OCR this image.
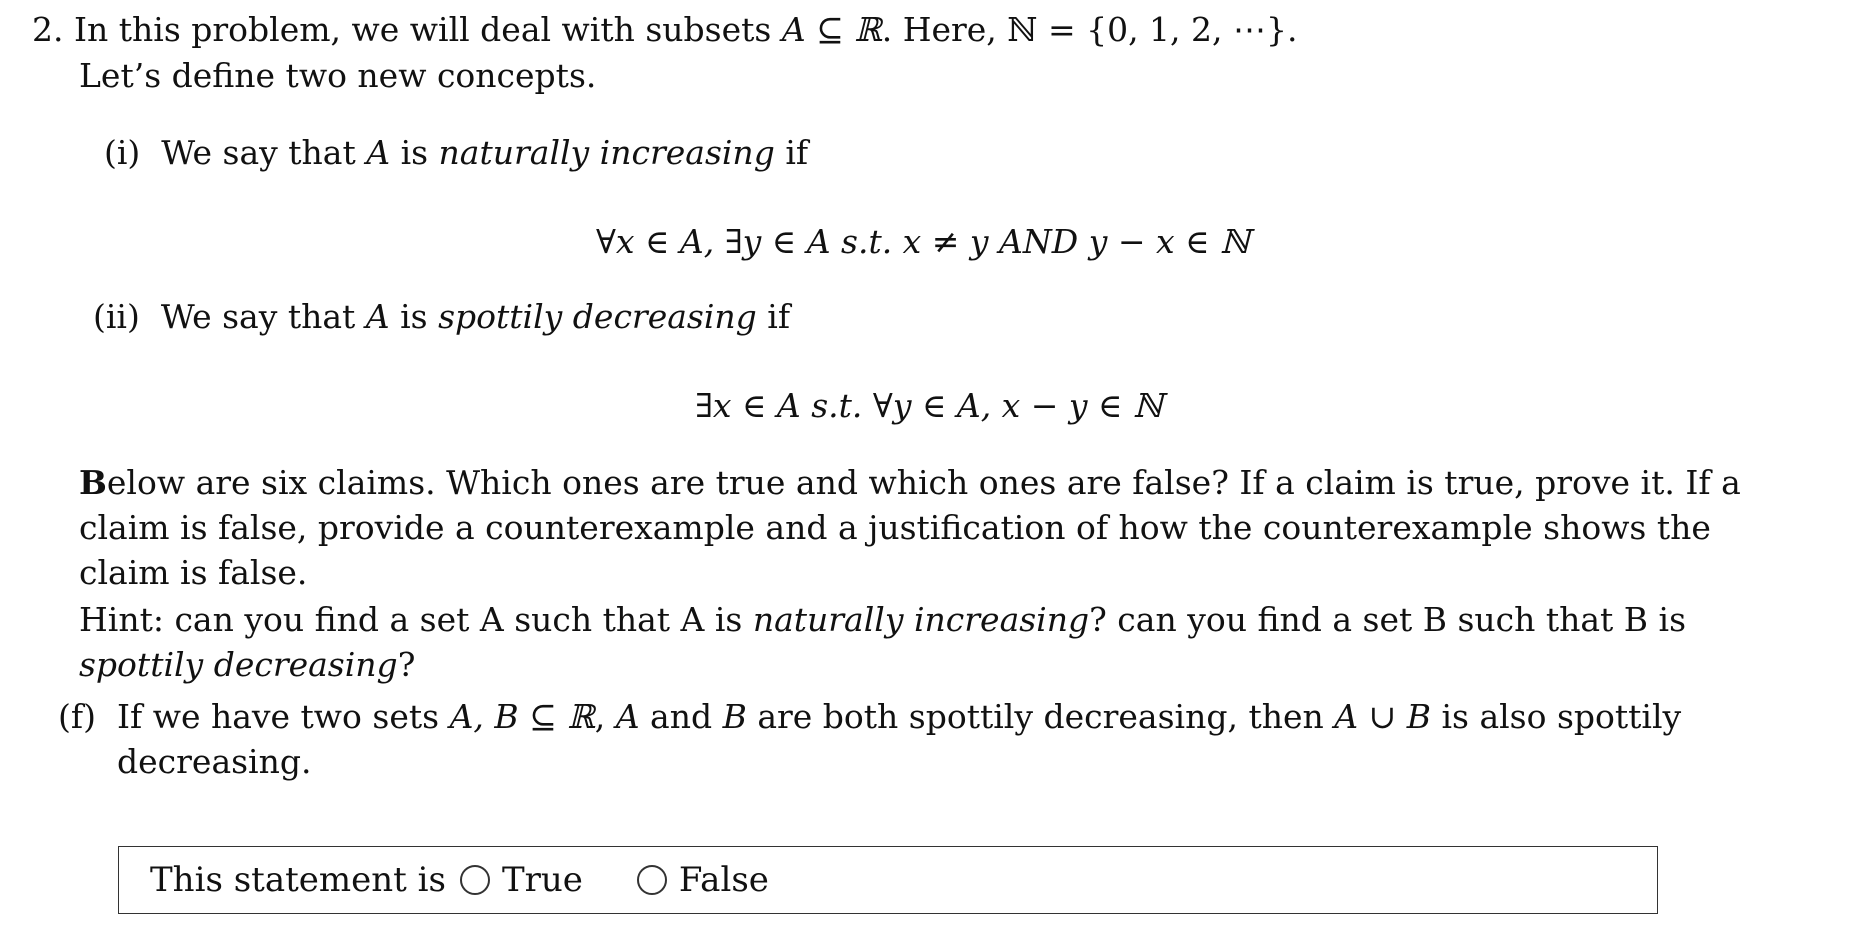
2. In this problem, we will deal with subsets A ⊆ ℝ. Here, ℕ = {0, 1, 2, ⋯}.
Let’s define two new concepts.
(i) We say that A is naturally increasing if
∀x ∈ A, ∃y ∈ A s.t. x ≠ y AND y − x ∈ ℕ
(ii) We say that A is spottily decreasing if
∃x ∈ A s.t. ∀y ∈ A, x − y ∈ ℕ
Below are six claims. Which ones are true and which ones are false? If a claim is true, prove it. If a claim is false, provide a counterexample and a justification of how the counterexample shows the claim is false.
Hint: can you find a set A such that A is naturally increasing? can you find a set B such that B is spottily decreasing?
(f) If we have two sets A, B ⊆ ℝ, A and B are both spottily decreasing, then A ∪ B is also spottily
decreasing.
This statement is True	False
